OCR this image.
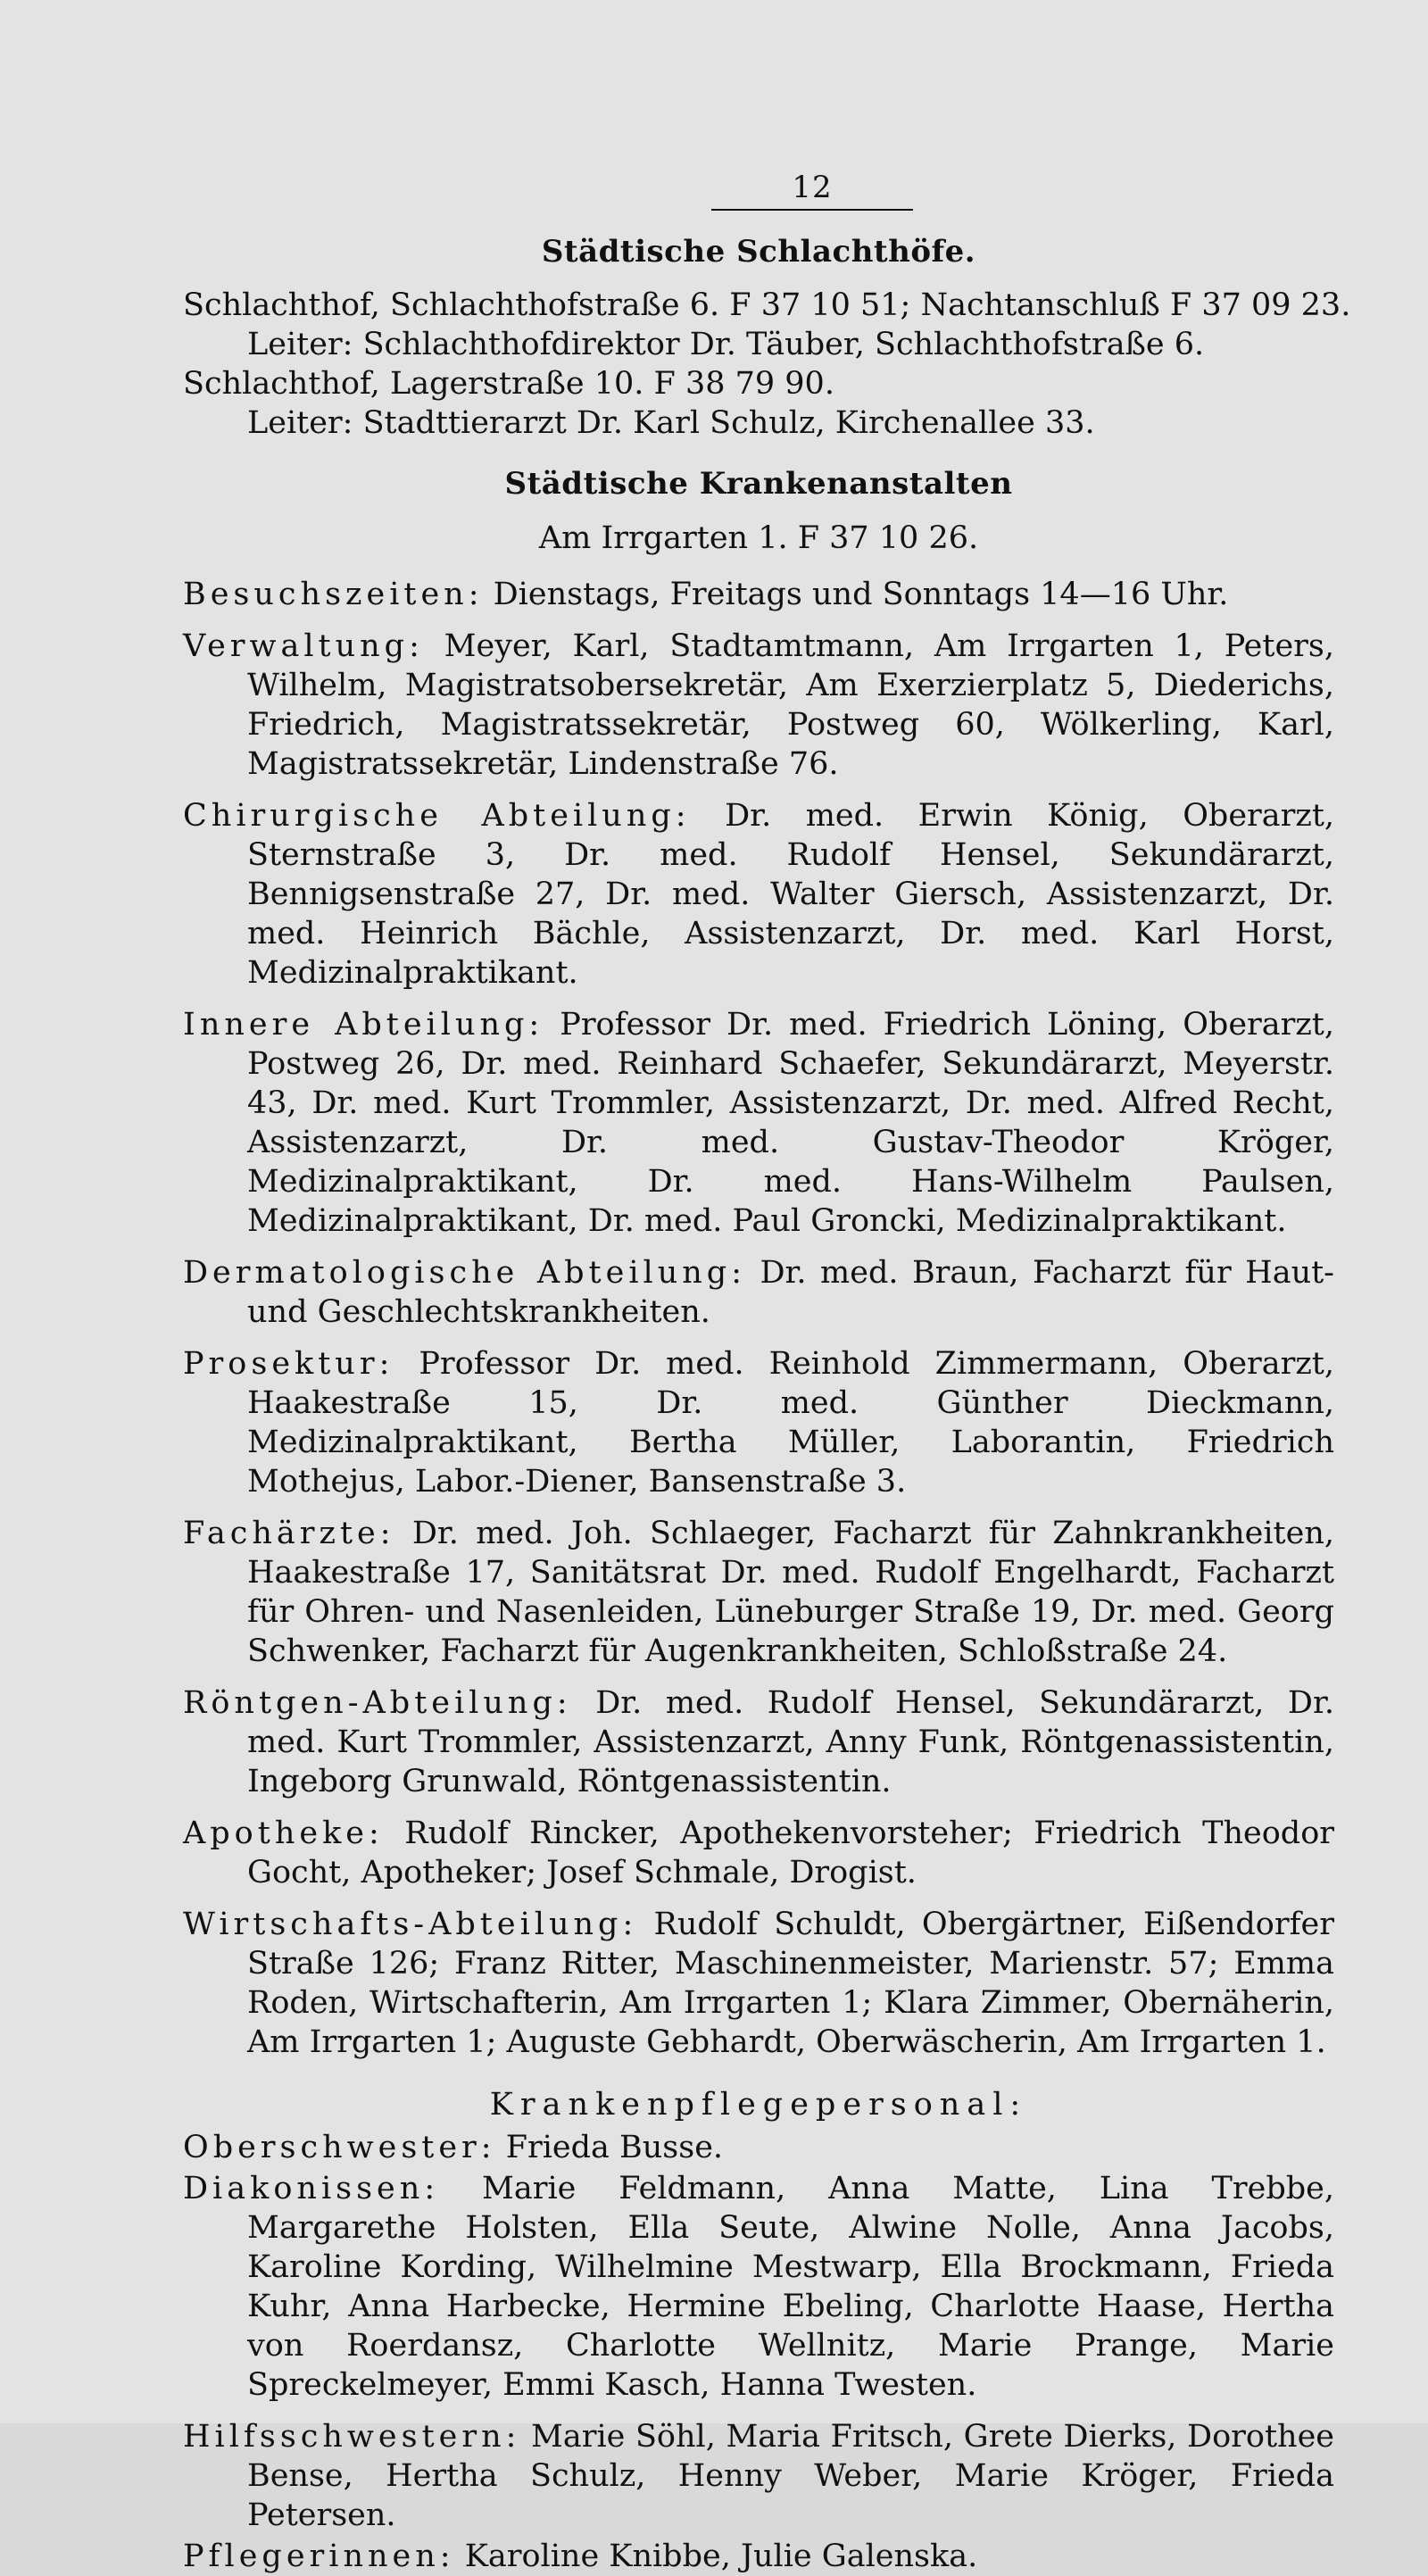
12
Städtische Schlachthöfe.
Schlachthof, Schlachthofstraße 6. F 37 10 51; Nachtanschluß F 37 09 23.
Leiter: Schlachthofdirektor Dr. Täuber, Schlachthofstraße 6.
Schlachthof, Lagerstraße 10. F 38 79 90.
Leiter: Stadttierarzt Dr. Karl Schulz, Kirchenallee 33.
Städtische Krankenanstalten
Am Irrgarten 1. F 37 10 26.
Besuchszeiten: Dienstags, Freitags und Sonntags 14—16 Uhr.
Verwaltung: Meyer, Karl, Stadtamtmann, Am Irrgarten 1, Peters, Wilhelm, Magistratsobersekretär, Am Exerzierplatz 5, Diederichs, Friedrich, Magistratssekretär, Postweg 60, Wölkerling, Karl, Magistratssekretär, Lindenstraße 76.
Chirurgische Abteilung: Dr. med. Erwin König, Oberarzt, Sternstraße 3, Dr. med. Rudolf Hensel, Sekundärarzt, Bennigsenstraße 27, Dr. med. Walter Giersch, Assistenzarzt, Dr. med. Heinrich Bächle, Assistenzarzt, Dr. med. Karl Horst, Medizinalpraktikant.
Innere Abteilung: Professor Dr. med. Friedrich Löning, Oberarzt, Postweg 26, Dr. med. Reinhard Schaefer, Sekundärarzt, Meyerstr. 43, Dr. med. Kurt Trommler, Assistenzarzt, Dr. med. Alfred Recht, Assistenzarzt, Dr. med. Gustav-Theodor Kröger, Medizinalpraktikant, Dr. med. Hans-Wilhelm Paulsen, Medizinalpraktikant, Dr. med. Paul Groncki, Medizinalpraktikant.
Dermatologische Abteilung: Dr. med. Braun, Facharzt für Haut- und Geschlechtskrankheiten.
Prosektur: Professor Dr. med. Reinhold Zimmermann, Oberarzt, Haakestraße 15, Dr. med. Günther Dieckmann, Medizinalpraktikant, Bertha Müller, Laborantin, Friedrich Mothejus, Labor.-Diener, Bansenstraße 3.
Fachärzte: Dr. med. Joh. Schlaeger, Facharzt für Zahnkrankheiten, Haakestraße 17, Sanitätsrat Dr. med. Rudolf Engelhardt, Facharzt für Ohren- und Nasenleiden, Lüneburger Straße 19, Dr. med. Georg Schwenker, Facharzt für Augenkrankheiten, Schloßstraße 24.
Röntgen-Abteilung: Dr. med. Rudolf Hensel, Sekundärarzt, Dr. med. Kurt Trommler, Assistenzarzt, Anny Funk, Röntgenassistentin, Ingeborg Grunwald, Röntgenassistentin.
Apotheke: Rudolf Rincker, Apothekenvorsteher; Friedrich Theodor Gocht, Apotheker; Josef Schmale, Drogist.
Wirtschafts-Abteilung: Rudolf Schuldt, Obergärtner, Eißendorfer Straße 126; Franz Ritter, Maschinenmeister, Marienstr. 57; Emma Roden, Wirtschafterin, Am Irrgarten 1; Klara Zimmer, Obernäherin, Am Irrgarten 1; Auguste Gebhardt, Oberwäscherin, Am Irrgarten 1.
Krankenpflegepersonal:
Oberschwester: Frieda Busse.
Diakonissen: Marie Feldmann, Anna Matte, Lina Trebbe, Margarethe Holsten, Ella Seute, Alwine Nolle, Anna Jacobs, Karoline Kording, Wilhelmine Mestwarp, Ella Brockmann, Frieda Kuhr, Anna Harbecke, Hermine Ebeling, Charlotte Haase, Hertha von Roerdansz, Charlotte Wellnitz, Marie Prange, Marie Spreckelmeyer, Emmi Kasch, Hanna Twesten.
Hilfsschwestern: Marie Söhl, Maria Fritsch, Grete Dierks, Dorothee Bense, Hertha Schulz, Henny Weber, Marie Kröger, Frieda Petersen.
Pflegerinnen: Karoline Knibbe, Julie Galenska.
